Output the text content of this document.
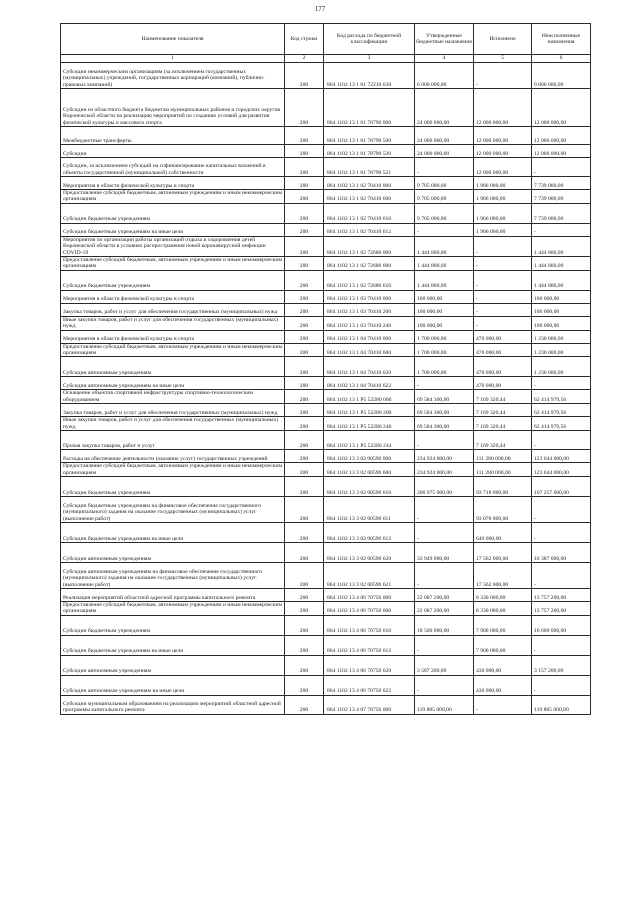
177
Наименование показателя	Код строки	Код расхода по бюджетной классификации	Утвержденные бюджетные назначения	Исполнено	Неисполненные назначения
1	2	3	4	5	6
Субсидии некоммерческим организациям (за исключением государственных (муниципальных) учреждений, государственных корпораций (компаний), публично-правовых компаний)	200	864 1102 13 1 01 72210 630	6 000 000,00	-	6 000 000,00
Субсидии из областного бюджета бюджетам муниципальных районов и городских округов Воронежской области на реализацию мероприятий по созданию условий для развития физической культуры и массового спорта	200	864 1102 13 1 01 78790 000	24 000 000,00	12 000 000,00	12 000 000,00
Межбюджетные трансферты	200	864 1102 13 1 01 78790 500	24 000 000,00	12 000 000,00	12 000 000,00
Субсидии	200	864 1102 13 1 01 78790 520	24 000 000,00	12 000 000,00	12 000 000,00
Субсидии, за исключением субсидий на софинансирование капитальных вложений в объекты государственной (муниципальной) собственности	200	864 1102 13 1 01 78790 521	-	12 000 000,00	-
Мероприятия в области физической культуры и спорта	200	864 1102 13 1 02 70410 000	9 705 000,00	1 966 000,00	7 739 000,00
Предоставление субсидий бюджетным, автономным учреждениям и иным некоммерческим организациям	200	864 1102 13 1 02 70410 600	9 705 000,00	1 966 000,00	7 739 000,00
Субсидии бюджетным учреждениям	200	864 1102 13 1 02 70410 610	9 705 000,00	1 966 000,00	7 739 000,00
Субсидии бюджетным учреждениям на иные цели	200	864 1102 13 1 02 70410 612	-	1 966 000,00	-
Мероприятия по организации работы организаций отдыха и оздоровления детей Воронежской области в условиях распространения новой коронавирусной инфекции COVID-19	200	864 1102 13 1 02 72680 000	1 444 800,00	-	1 444 800,00
Предоставление субсидий бюджетным, автономным учреждениям и иным некоммерческим организациям	200	864 1102 13 1 02 72680 600	1 444 800,00	-	1 444 800,00
Субсидии бюджетным учреждениям	200	864 1102 13 1 02 72680 610	1 444 800,00	-	1 444 800,00
Мероприятия в области физической культуры и спорта	200	864 1102 13 1 03 70410 000	100 000,00	-	100 000,00
Закупка товаров, работ и услуг для обеспечения государственных (муниципальных) нужд	200	864 1102 13 1 03 70410 200	100 000,00	-	100 000,00
Иные закупки товаров, работ и услуг для обеспечения государственных (муниципальных) нужд	200	864 1102 13 1 03 70410 240	100 000,00	-	100 000,00
Мероприятия в области физической культуры и спорта	200	864 1102 13 1 04 70410 000	1 700 000,00	470 000,00	1 230 000,00
Предоставление субсидий бюджетным, автономным учреждениям и иным некоммерческим организациям	200	864 1102 13 1 04 70410 600	1 700 000,00	470 000,00	1 230 000,00
Субсидии автономным учреждениям	200	864 1102 13 1 04 70410 620	1 700 000,00	470 000,00	1 230 000,00
Субсидии автономным учреждениям на иные цели	200	864 1102 13 1 04 70410 622	-	470 000,00	-
Оснащение объектов спортивной инфраструктуры спортивно-технологическим оборудованием	200	864 1102 13 1 P5 52280 000	69 584 300,00	7 169 320,44	62 414 979,56
Закупка товаров, работ и услуг для обеспечения государственных (муниципальных) нужд	200	864 1102 13 1 P5 52280 200	69 584 300,00	7 169 320,44	62 414 979,56
Иные закупки товаров, работ и услуг для обеспечения государственных (муниципальных) нужд	200	864 1102 13 1 P5 52280 240	69 584 300,00	7 169 320,44	62 414 979,56
Прочая закупка товаров, работ и услуг	200	864 1102 13 1 P5 52280 244	-	7 169 320,44	-
Расходы на обеспечение деятельности (оказание услуг) государственных учреждений	200	864 1102 13 3 02 00590 000	234 924 000,00	111 280 000,00	123 644 000,00
Предоставление субсидий бюджетным, автономным учреждениям и иным некоммерческим организациям	200	864 1102 13 3 02 00590 600	234 924 000,00	111 280 000,00	123 644 000,00
Субсидии бюджетным учреждениям	200	864 1102 13 3 02 00590 610	200 975 000,00	93 718 000,00	107 257 000,00
Субсидии бюджетным учреждениям на финансовое обеспечение государственного (муниципального) задания на оказание государственных (муниципальных) услуг (выполнение работ)	200	864 1102 13 3 02 00590 611	-	93 078 000,00	-
Субсидии бюджетным учреждениям на иные цели	200	864 1102 13 3 02 00590 612	-	640 000,00	-
Субсидии автономным учреждениям	200	864 1102 13 3 02 00590 620	33 949 000,00	17 562 000,00	16 387 000,00
Субсидии автономным учреждениям на финансовое обеспечение государственного (муниципального) задания на оказание государственных (муниципальных) услуг (выполнение работ)	200	864 1102 13 3 02 00590 621	-	17 562 000,00	-
Реализация мероприятий областной адресной программы капитального ремонта	200	864 1102 13 4 06 70750 000	22 087 200,00	8 330 000,00	13 757 200,00
Предоставление субсидий бюджетным, автономным учреждениям и иным некоммерческим организациям	200	864 1102 13 4 06 70750 600	22 087 200,00	8 330 000,00	13 757 200,00
Субсидии бюджетным учреждениям	200	864 1102 13 4 06 70750 610	18 500 000,00	7 900 000,00	10 600 000,00
Субсидии бюджетным учреждениям на иные цели	200	864 1102 13 4 06 70750 612	-	7 900 000,00	-
Субсидии автономным учреждениям	200	864 1102 13 4 06 70750 620	3 587 200,00	430 000,00	3 157 200,00
Субсидии автономным учреждениям на иные цели	200	864 1102 13 4 06 70750 622	-	430 000,00	-
Субсидии муниципальным образованиям на реализацию мероприятий областной адресной программы капитального ремонта	200	864 1102 13 4 07 78750 000	119 885 000,00	-	119 885 000,00
